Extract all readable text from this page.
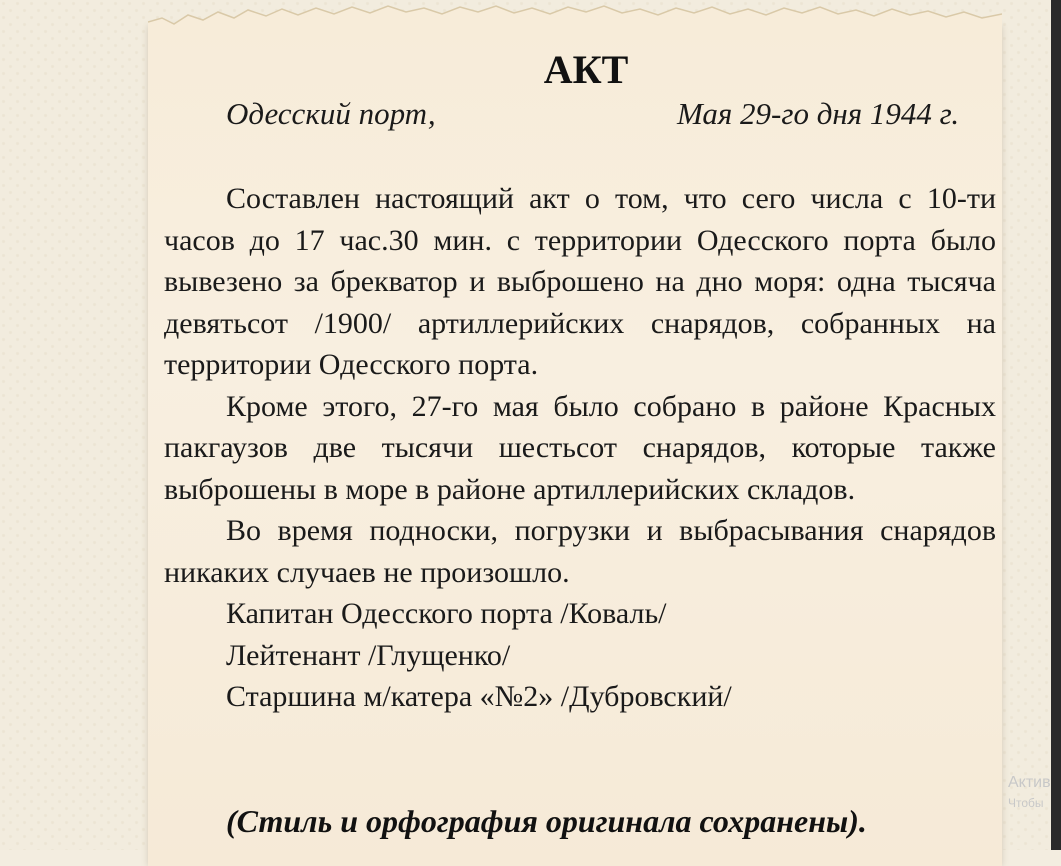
АКТ
Одесский порт,	Мая 29-го дня 1944 г.

Составлен настоящий акт о том, что сего числа с 10-ти часов до 17 час.30 мин. с территории Одесского порта было вывезено за брекватор и выброшено на дно моря: одна тысяча девятьсот /1900/ артиллерийских снарядов, собранных на территории Одесского порта.

Кроме этого, 27-го мая было собрано в районе Красных пакгаузов две тысячи шестьсот снарядов, которые также выброшены в море в районе артиллерийских складов.

Во время подноски, погрузки и выбрасывания снарядов никаких случаев не произошло.

Капитан Одесского порта /Коваль/

Лейтенант /Глущенко/

Старшина м/катера «№2» /Дубровский/

(Стиль и орфография оригинала сохранены).
Актив
Чтобы
